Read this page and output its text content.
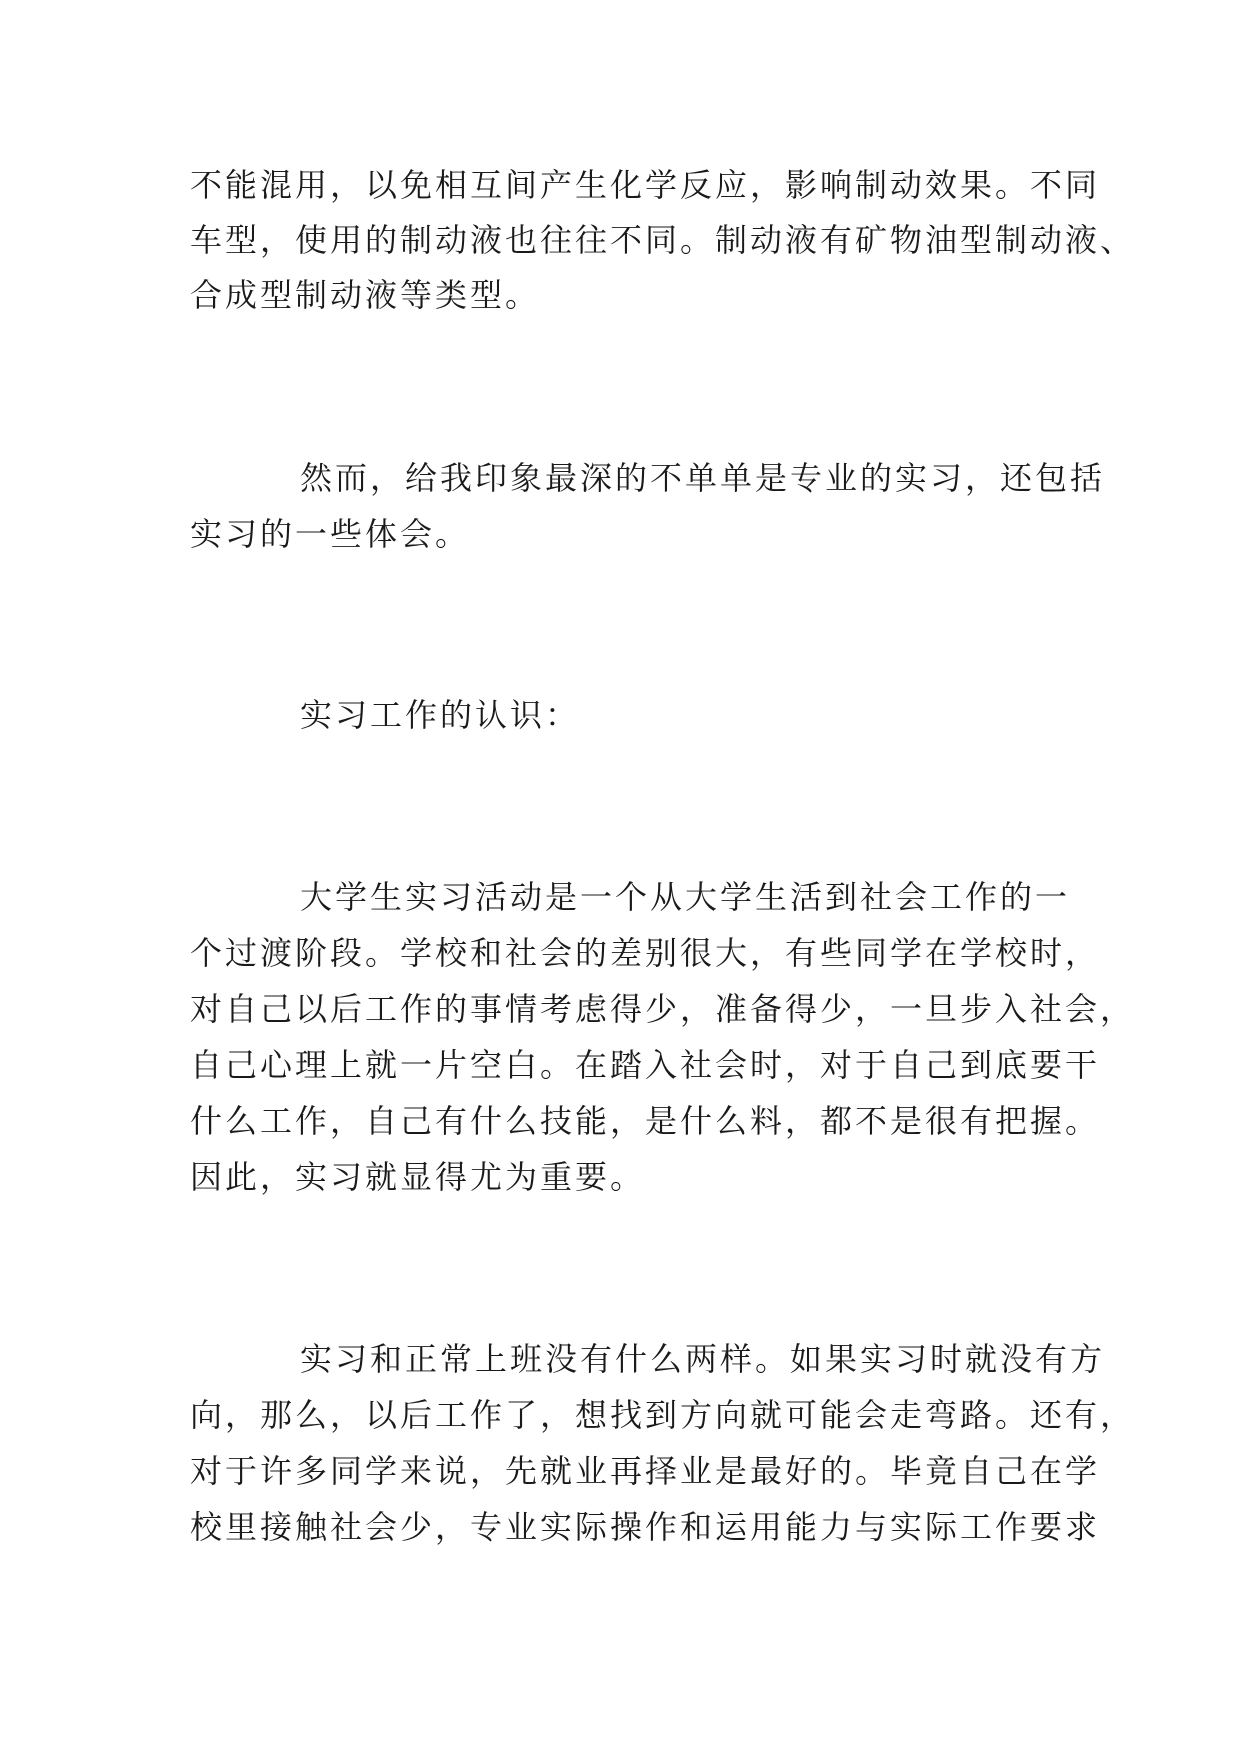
不能混用，以免相互间产生化学反应，影响制动效果。不同
车型，使用的制动液也往往不同。制动液有矿物油型制动液、
合成型制动液等类型。
然而，给我印象最深的不单单是专业的实习，还包括
实习的一些体会。
实习工作的认识：
大学生实习活动是一个从大学生活到社会工作的一
个过渡阶段。学校和社会的差别很大，有些同学在学校时，
对自己以后工作的事情考虑得少，准备得少，一旦步入社会，
自己心理上就一片空白。在踏入社会时，对于自己到底要干
什么工作，自己有什么技能，是什么料，都不是很有把握。
因此，实习就显得尤为重要。
实习和正常上班没有什么两样。如果实习时就没有方
向，那么，以后工作了，想找到方向就可能会走弯路。还有，
对于许多同学来说，先就业再择业是最好的。毕竟自己在学
校里接触社会少，专业实际操作和运用能力与实际工作要求
